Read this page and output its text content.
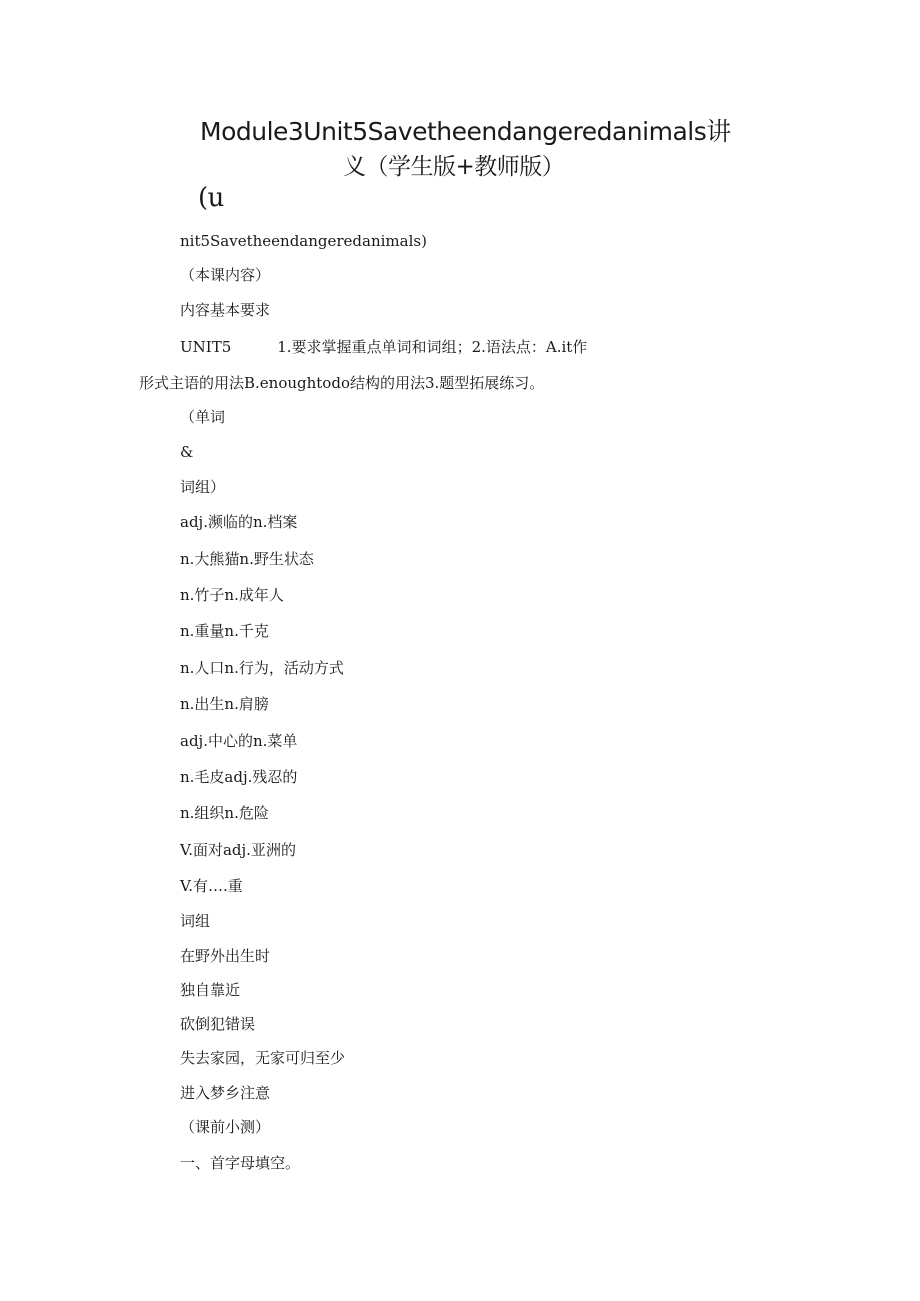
Module3Unit5Savetheendangeredanimals讲
义（学生版+教师版）
(u
nit5Savetheendangeredanimals)
（本课内容）
内容基本要求
UNIT5	1.要求掌握重点单词和词组；2.语法点：A.it作
形式主语的用法B.enoughtodo结构的用法3.题型拓展练习。
（单词
&
词组）
adj.濒临的n.档案
n.大熊猫n.野生状态
n.竹子n.成年人
n.重量n.千克
n.人口n.行为，活动方式
n.出生n.肩膀
adj.中心的n.菜单
n.毛皮adj.残忍的
n.组织n.危险
V.面对adj.亚洲的
V.有….重
词组
在野外出生时
独自靠近
砍倒犯错误
失去家园，无家可归至少
进入梦乡注意
（课前小测）
一、首字母填空。
